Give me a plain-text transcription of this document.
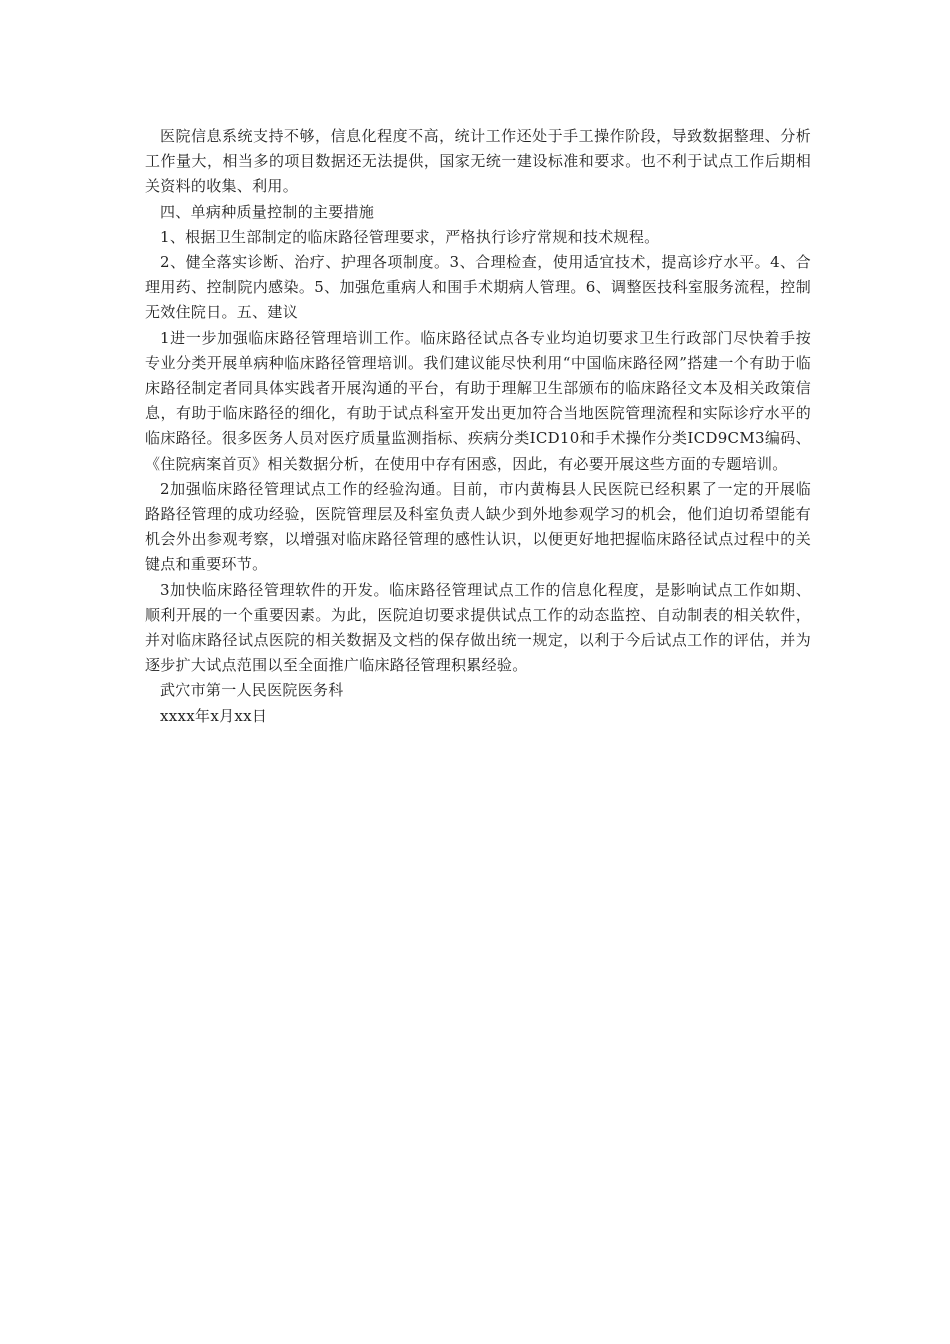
医院信息系统支持不够，信息化程度不高，统计工作还处于手工操作阶段，导致数据整理、分析工作量大，相当多的项目数据还无法提供，国家无统一建设标准和要求。也不利于试点工作后期相关资料的收集、利用。

四、单病种质量控制的主要措施

1、根据卫生部制定的临床路径管理要求，严格执行诊疗常规和技术规程。

2、健全落实诊断、治疗、护理各项制度。3、合理检查，使用适宜技术，提高诊疗水平。4、合理用药、控制院内感染。5、加强危重病人和围手术期病人管理。6、调整医技科室服务流程，控制无效住院日。五、建议

1进一步加强临床路径管理培训工作。临床路径试点各专业均迫切要求卫生行政部门尽快着手按专业分类开展单病种临床路径管理培训。我们建议能尽快利用“中国临床路径网”搭建一个有助于临床路径制定者同具体实践者开展沟通的平台，有助于理解卫生部颁布的临床路径文本及相关政策信息，有助于临床路径的细化，有助于试点科室开发出更加符合当地医院管理流程和实际诊疗水平的临床路径。很多医务人员对医疗质量监测指标、疾病分类ICD10和手术操作分类ICD9CM3编码、《住院病案首页》相关数据分析，在使用中存有困惑，因此，有必要开展这些方面的专题培训。

2加强临床路径管理试点工作的经验沟通。目前，市内黄梅县人民医院已经积累了一定的开展临路路径管理的成功经验，医院管理层及科室负责人缺少到外地参观学习的机会，他们迫切希望能有机会外出参观考察，以增强对临床路径管理的感性认识，以便更好地把握临床路径试点过程中的关键点和重要环节。

3加快临床路径管理软件的开发。临床路径管理试点工作的信息化程度，是影响试点工作如期、顺利开展的一个重要因素。为此，医院迫切要求提供试点工作的动态监控、自动制表的相关软件，并对临床路径试点医院的相关数据及文档的保存做出统一规定，以利于今后试点工作的评估，并为逐步扩大试点范围以至全面推广临床路径管理积累经验。

武穴市第一人民医院医务科

xxxx年x月xx日
